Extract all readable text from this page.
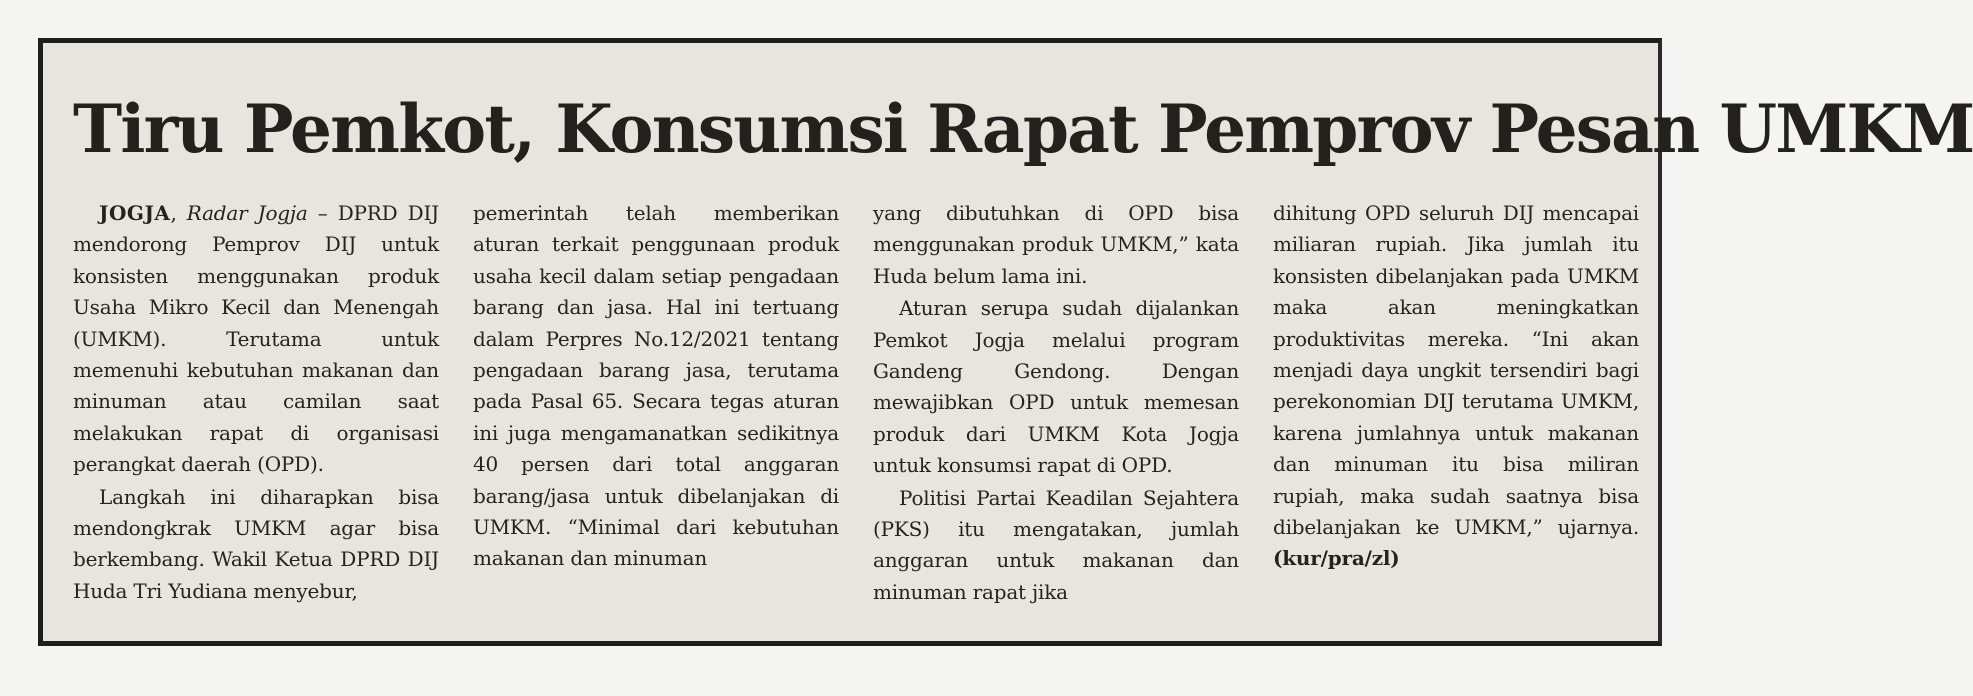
Tiru Pemkot, Konsumsi Rapat Pemprov Pesan UMKM

JOGJA, Radar Jogja – DPRD DIJ mendorong Pemprov DIJ untuk konsisten menggunakan produk Usaha Mikro Kecil dan Menengah (UMKM). Terutama untuk memenuhi kebutuhan makanan dan minuman atau camilan saat melakukan rapat di organisasi perangkat daerah (OPD).

Langkah ini diharapkan bisa mendongkrak UMKM agar bisa berkembang. Wakil Ketua DPRD DIJ Huda Tri Yudiana menyebur,

pemerintah telah memberikan aturan terkait penggunaan produk usaha kecil dalam setiap pengadaan barang dan jasa. Hal ini tertuang dalam Perpres No.12/2021 tentang pengadaan barang jasa, terutama pada Pasal 65. Secara tegas aturan ini juga mengamanatkan sedikitnya 40 persen dari total anggaran barang/jasa untuk dibelanjakan di UMKM. “Minimal dari kebutuhan makanan dan minuman

yang dibutuhkan di OPD bisa menggunakan produk UMKM,” kata Huda belum lama ini.

Aturan serupa sudah dijalankan Pemkot Jogja melalui program Gandeng Gendong. Dengan mewajibkan OPD untuk memesan produk dari UMKM Kota Jogja untuk konsumsi rapat di OPD.

Politisi Partai Keadilan Sejahtera (PKS) itu mengatakan, jumlah anggaran untuk makanan dan minuman rapat jika

dihitung OPD seluruh DIJ mencapai miliaran rupiah. Jika jumlah itu konsisten dibelanjakan pada UMKM maka akan meningkatkan produktivitas mereka. “Ini akan menjadi daya ungkit tersendiri bagi perekonomian DIJ terutama UMKM, karena jumlahnya untuk makanan dan minuman itu bisa miliran rupiah, maka sudah saatnya bisa dibelanjakan ke UMKM,” ujarnya. (kur/pra/zl)
